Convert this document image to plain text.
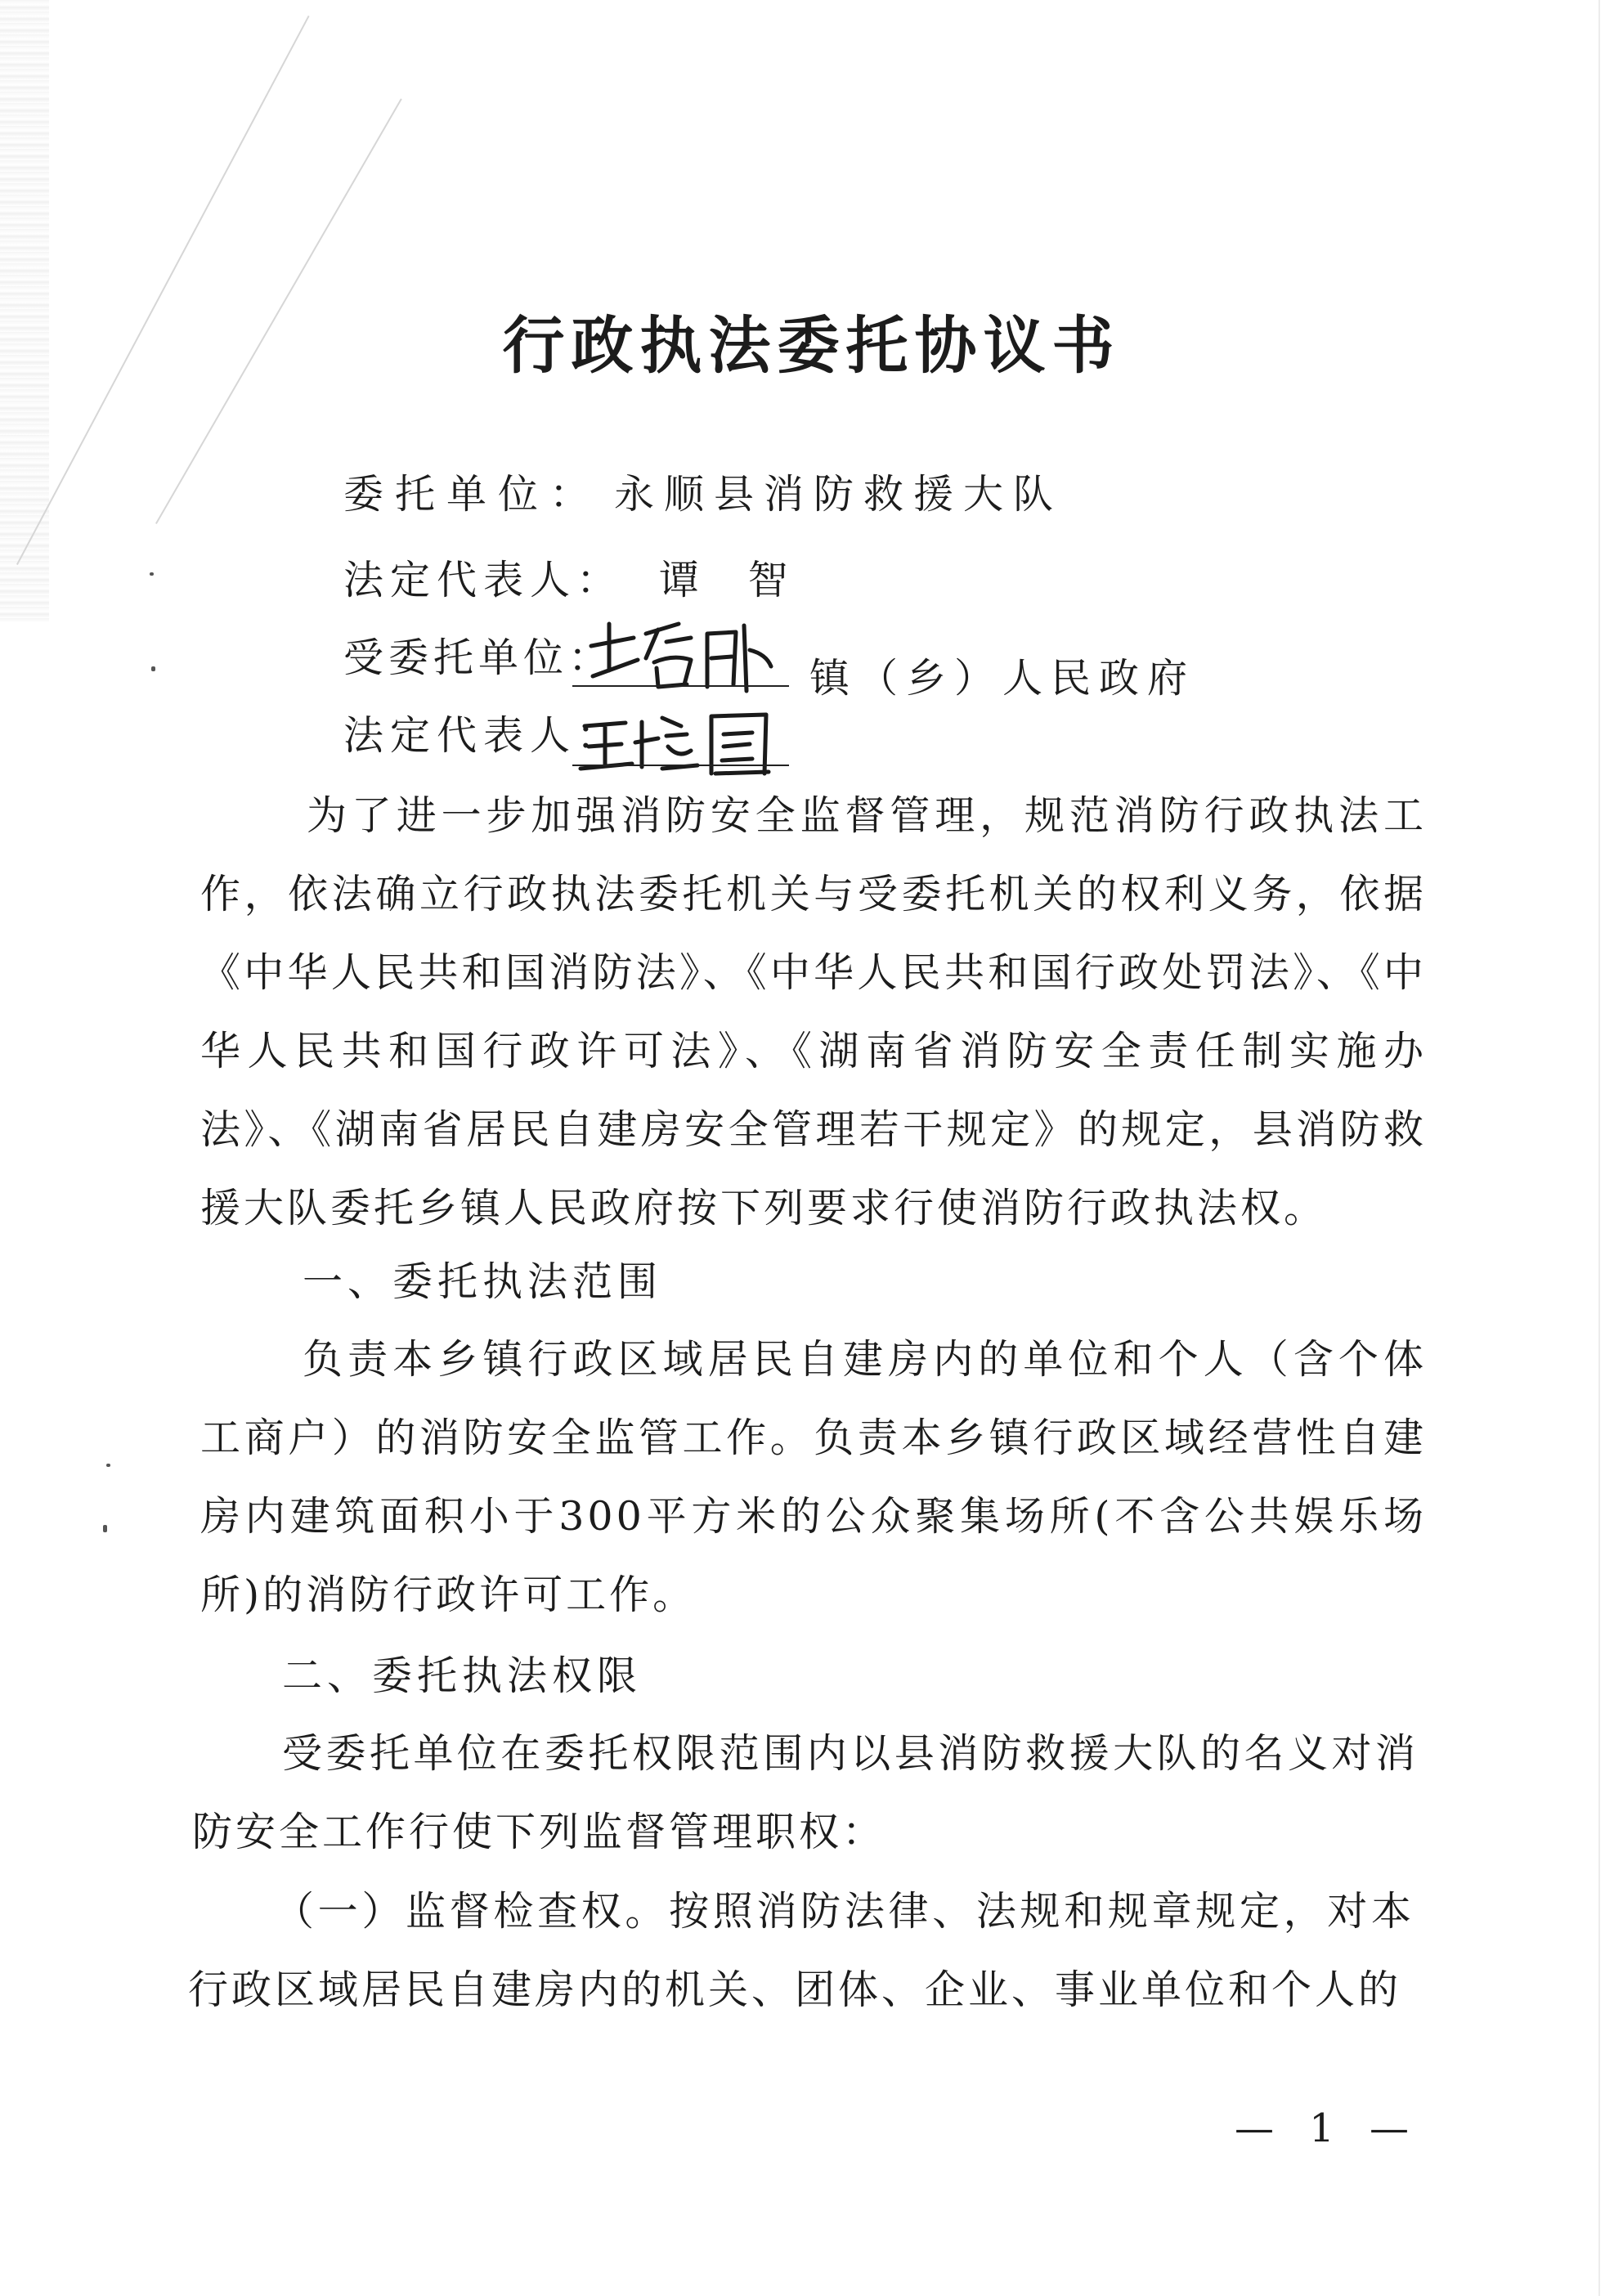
行政执法委托协议书
委托单位： 永顺县消防救援大队
法定代表人： 谭 智
受委托单位：	镇（乡）人民政府
法定代表人：

为了进一步加强消防安全监督管理，规范消防行政执法工作，依法确立行政执法委托机关与受委托机关的权利义务，依据《中华人民共和国消防法》、《中华人民共和国行政处罚法》、《中华人民共和国行政许可法》、《湖南省消防安全责任制实施办法》、《湖南省居民自建房安全管理若干规定》的规定，县消防救援大队委托乡镇人民政府按下列要求行使消防行政执法权。

一、委托执法范围

负责本乡镇行政区域居民自建房内的单位和个人（含个体工商户）的消防安全监管工作。负责本乡镇行政区域经营性自建房内建筑面积小于300平方米的公众聚集场所(不含公共娱乐场所)的消防行政许可工作。

二、委托执法权限

受委托单位在委托权限范围内以县消防救援大队的名义对消防安全工作行使下列监督管理职权：

（一）监督检查权。按照消防法律、法规和规章规定，对本行政区域居民自建房内的机关、团体、企业、事业单位和个人的

— 1 —
